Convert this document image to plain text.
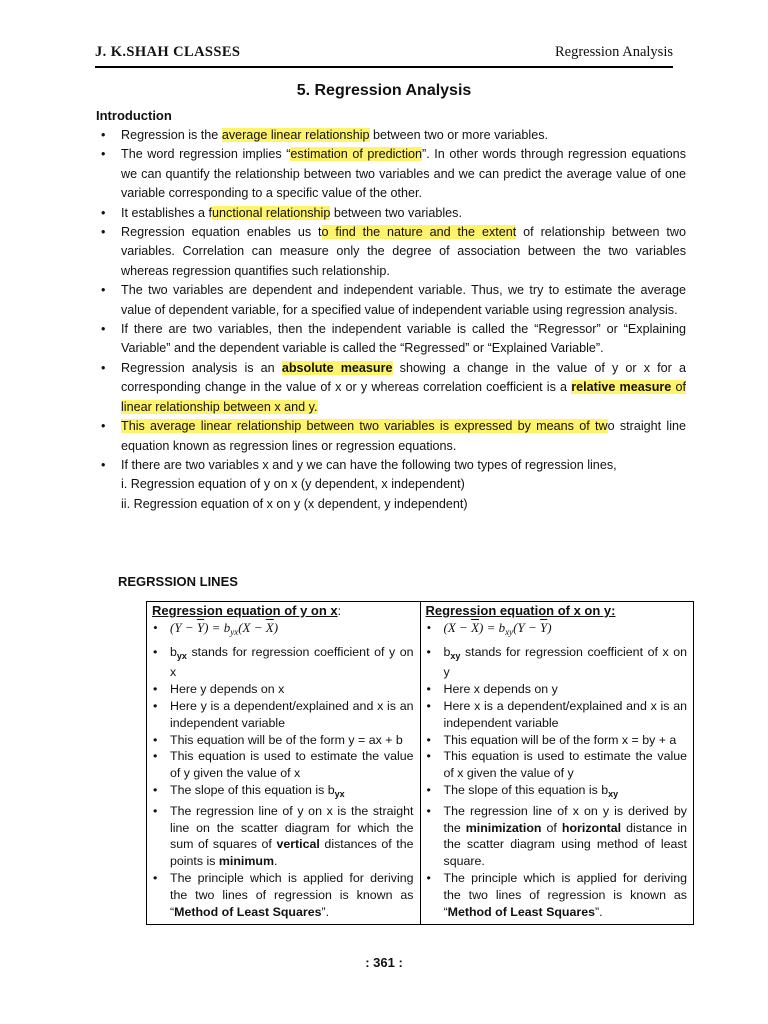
J. K.SHAH CLASSES	Regression Analysis
5. Regression Analysis
Introduction
• Regression is the average linear relationship between two or more variables.
• The word regression implies “estimation of prediction”. In other words through regression equations we can quantify the relationship between two variables and we can predict the average value of one variable corresponding to a specific value of the other.
• It establishes a functional relationship between two variables.
• Regression equation enables us to find the nature and the extent of relationship between two variables. Correlation can measure only the degree of association between the two variables whereas regression quantifies such relationship.
• The two variables are dependent and independent variable. Thus, we try to estimate the average value of dependent variable, for a specified value of independent variable using regression analysis.
• If there are two variables, then the independent variable is called the “Regressor” or “Explaining Variable” and the dependent variable is called the “Regressed” or “Explained Variable”.
• Regression analysis is an absolute measure showing a change in the value of y or x for a corresponding change in the value of x or y whereas correlation coefficient is a relative measure of linear relationship between x and y.
• This average linear relationship between two variables is expressed by means of two straight line equation known as regression lines or regression equations.
• If there are two variables x and y we can have the following two types of regression lines,
i. Regression equation of y on x (y dependent, x independent)
ii. Regression equation of x on y (x dependent, y independent)
REGRSSION LINES
Regression equation of y on x:
• $(Y - \overline{Y}) = b_{yx}(X - \overline{X})$
• $b_{yx}$ stands for regression coefficient of y on x
• Here y depends on x
• Here y is a dependent/explained and x is an independent variable
• This equation will be of the form y = ax + b
• This equation is used to estimate the value of y given the value of x
• The slope of this equation is $b_{yx}$
• The regression line of y on x is the straight line on the scatter diagram for which the sum of squares of vertical distances of the points is minimum.
• The principle which is applied for deriving the two lines of regression is known as “Method of Least Squares”.

Regression equation of x on y:
• $(X - \overline{X}) = b_{xy}(Y - \overline{Y})$
• $b_{xy}$ stands for regression coefficient of x on y
• Here x depends on y
• Here x is a dependent/explained and x is an independent variable
• This equation will be of the form x = by + a
• This equation is used to estimate the value of x given the value of y
• The slope of this equation is $b_{xy}$
• The regression line of x on y is derived by the minimization of horizontal distance in the scatter diagram using method of least square.
• The principle which is applied for deriving the two lines of regression is known as “Method of Least Squares”.
: 361 :
